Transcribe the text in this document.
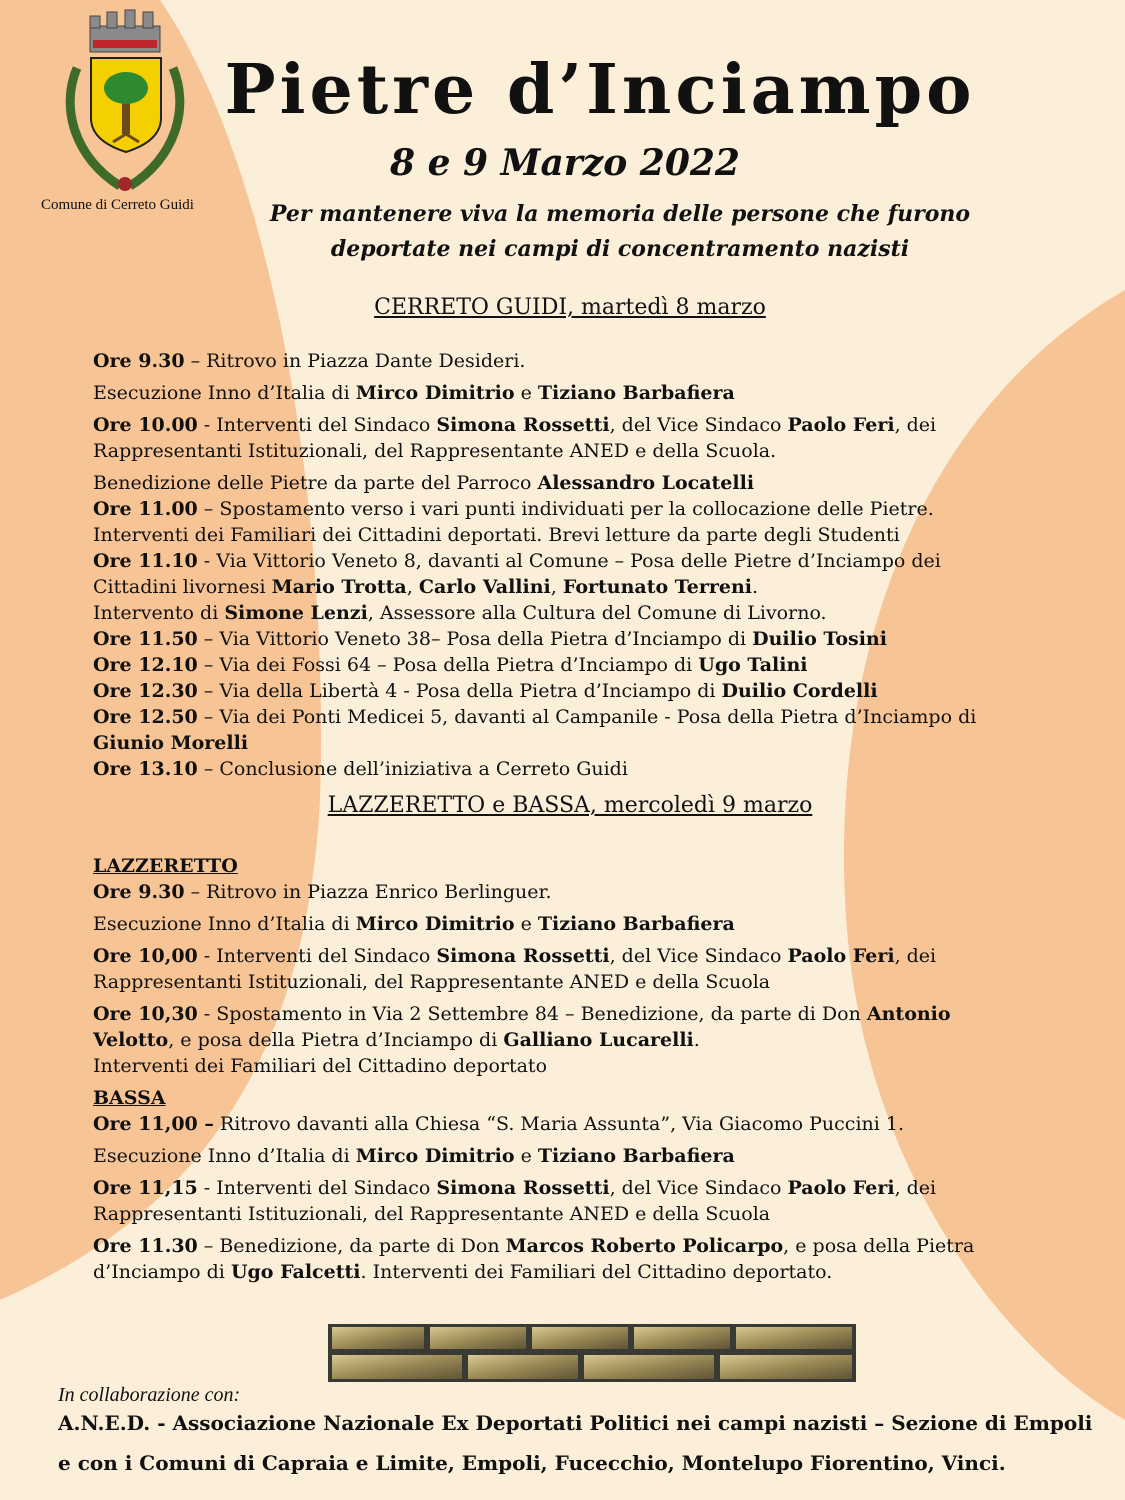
Comune di Cerreto Guidi
Pietre d’Inciampo
8 e 9 Marzo 2022
Per mantenere viva la memoria delle persone che furono
deportate nei campi di concentramento nazisti
CERRETO GUIDI, martedì 8 marzo
Ore 9.30 – Ritrovo in Piazza Dante Desideri.
Esecuzione Inno d’Italia di Mirco Dimitrio e Tiziano Barbafiera
Ore 10.00 - Interventi del Sindaco Simona Rossetti, del Vice Sindaco Paolo Feri, dei
Rappresentanti Istituzionali, del Rappresentante ANED e della Scuola.
Benedizione delle Pietre da parte del Parroco Alessandro Locatelli
Ore 11.00 – Spostamento verso i vari punti individuati per la collocazione delle Pietre.
Interventi dei Familiari dei Cittadini deportati. Brevi letture da parte degli Studenti
Ore 11.10 - Via Vittorio Veneto 8, davanti al Comune – Posa delle Pietre d’Inciampo dei
Cittadini livornesi Mario Trotta, Carlo Vallini, Fortunato Terreni.
Intervento di Simone Lenzi, Assessore alla Cultura del Comune di Livorno.
Ore 11.50 – Via Vittorio Veneto 38– Posa della Pietra d’Inciampo di Duilio Tosini
Ore 12.10 – Via dei Fossi 64 – Posa della Pietra d’Inciampo di Ugo Talini
Ore 12.30 – Via della Libertà 4 - Posa della Pietra d’Inciampo di Duilio Cordelli
Ore 12.50 – Via dei Ponti Medicei 5, davanti al Campanile - Posa della Pietra d’Inciampo di
Giunio Morelli
Ore 13.10 – Conclusione dell’iniziativa a Cerreto Guidi
LAZZERETTO e BASSA, mercoledì 9 marzo
LAZZERETTO
Ore 9.30 – Ritrovo in Piazza Enrico Berlinguer.
Esecuzione Inno d’Italia di Mirco Dimitrio e Tiziano Barbafiera
Ore 10,00 - Interventi del Sindaco Simona Rossetti, del Vice Sindaco Paolo Feri, dei
Rappresentanti Istituzionali, del Rappresentante ANED e della Scuola
Ore 10,30 - Spostamento in Via 2 Settembre 84 – Benedizione, da parte di Don Antonio
Velotto, e posa della Pietra d’Inciampo di Galliano Lucarelli.
Interventi dei Familiari del Cittadino deportato
BASSA
Ore 11,00 – Ritrovo davanti alla Chiesa “S. Maria Assunta”, Via Giacomo Puccini 1.
Esecuzione Inno d’Italia di Mirco Dimitrio e Tiziano Barbafiera
Ore 11,15 - Interventi del Sindaco Simona Rossetti, del Vice Sindaco Paolo Feri, dei
Rappresentanti Istituzionali, del Rappresentante ANED e della Scuola
Ore 11.30 – Benedizione, da parte di Don Marcos Roberto Policarpo, e posa della Pietra
d’Inciampo di Ugo Falcetti. Interventi dei Familiari del Cittadino deportato.
In collaborazione con:
A.N.E.D. - Associazione Nazionale Ex Deportati Politici nei campi nazisti – Sezione di Empoli
e con i Comuni di Capraia e Limite, Empoli, Fucecchio, Montelupo Fiorentino, Vinci.
